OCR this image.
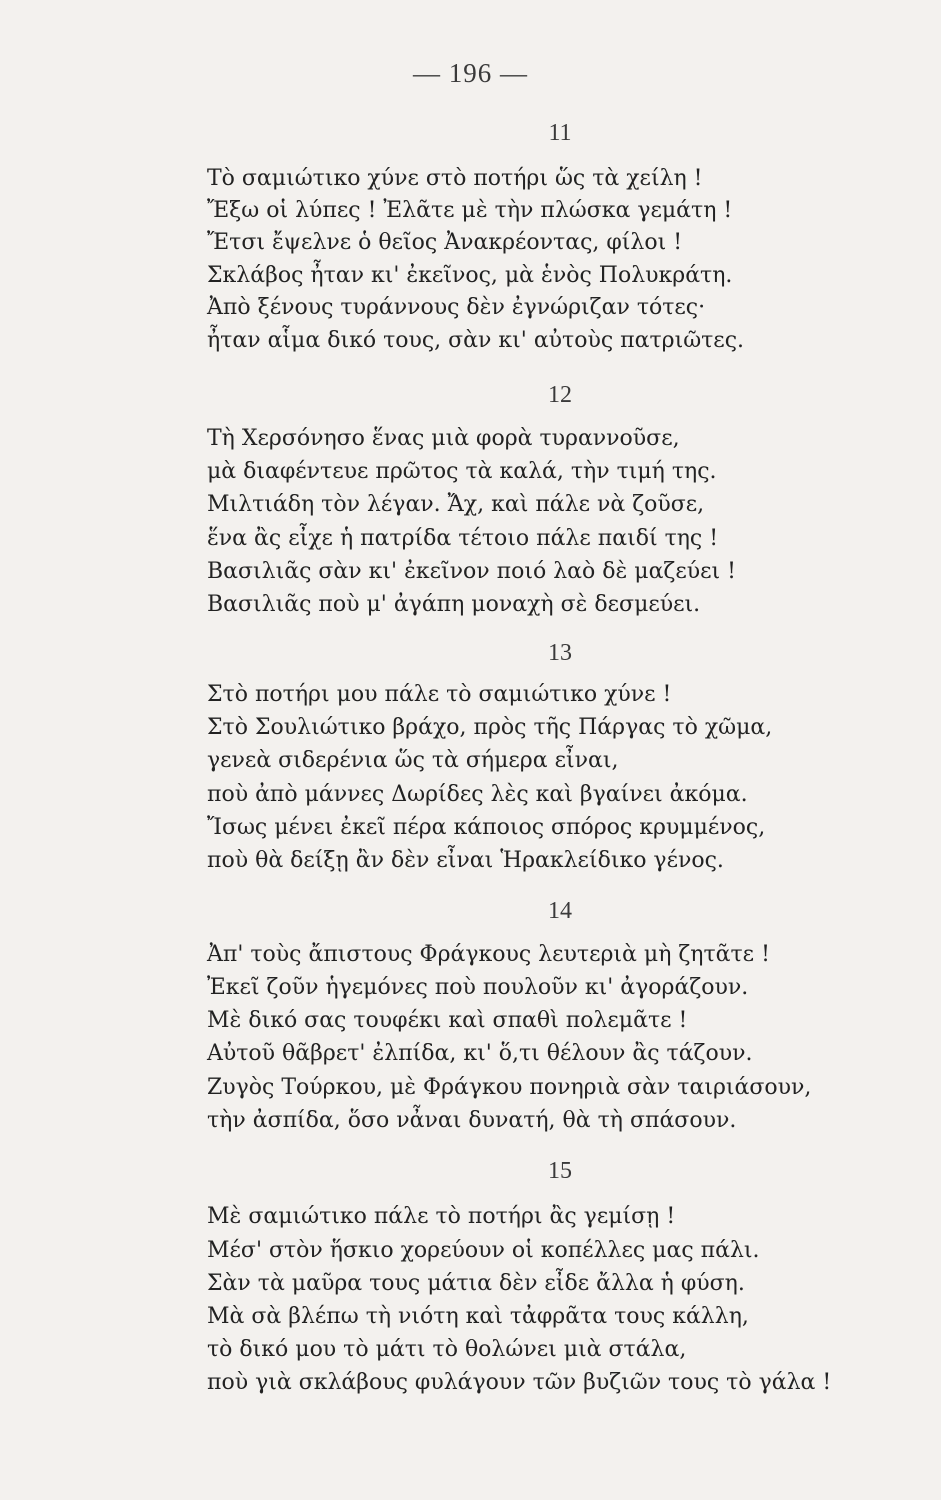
— 196 —
11
Τὸ σαμιώτικο χύνε στὸ ποτήρι ὥς τὰ χείλη !
Ἔξω οἱ λύπες ! Ἐλᾶτε μὲ τὴν πλώσκα γεμάτη !
Ἔτσι ἔψελνε ὁ θεῖος Ἀνακρέοντας, φίλοι !
Σκλάβος ἦταν κι' ἐκεῖνος, μὰ ἑνὸς Πολυκράτη.
Ἀπὸ ξένους τυράννους δὲν ἐγνώριζαν τότες·
ἦταν αἷμα δικό τους, σὰν κι' αὐτοὺς πατριῶτες.
12
Τὴ Χερσόνησο ἕνας μιὰ φορὰ τυραννοῦσε,
μὰ διαφέντευε πρῶτος τὰ καλά, τὴν τιμή της.
Μιλτιάδη τὸν λέγαν. Ἄχ, καὶ πάλε νὰ ζοῦσε,
ἕνα ἂς εἶχε ἡ πατρίδα τέτοιο πάλε παιδί της !
Βασιλιᾶς σὰν κι' ἐκεῖνον ποιό λαὸ δὲ μαζεύει !
Βασιλιᾶς ποὺ μ' ἀγάπη μοναχὴ σὲ δεσμεύει.
13
Στὸ ποτήρι μου πάλε τὸ σαμιώτικο χύνε !
Στὸ Σουλιώτικο βράχο, πρὸς τῆς Πάργας τὸ χῶμα,
γενεὰ σιδερένια ὥς τὰ σήμερα εἶναι,
ποὺ ἀπὸ μάννες Δωρίδες λὲς καὶ βγαίνει ἀκόμα.
Ἴσως μένει ἐκεῖ πέρα κάποιος σπόρος κρυμμένος,
ποὺ θὰ δείξῃ ἂν δὲν εἶναι Ἡρακλείδικο γένος.
14
Ἀπ' τοὺς ἄπιστους Φράγκους λευτεριὰ μὴ ζητᾶτε !
Ἐκεῖ ζοῦν ἡγεμόνες ποὺ πουλοῦν κι' ἀγοράζουν.
Μὲ δικό σας τουφέκι καὶ σπαθὶ πολεμᾶτε !
Αὐτοῦ θᾶβρετ' ἐλπίδα, κι' ὅ,τι θέλουν ἂς τάζουν.
Ζυγὸς Τούρκου, μὲ Φράγκου πονηριὰ σὰν ταιριάσουν,
τὴν ἀσπίδα, ὅσο νἆναι δυνατή, θὰ τὴ σπάσουν.
15
Μὲ σαμιώτικο πάλε τὸ ποτήρι ἂς γεμίσῃ !
Μέσ' στὸν ἥσκιο χορεύουν οἱ κοπέλλες μας πάλι.
Σὰν τὰ μαῦρα τους μάτια δὲν εἶδε ἄλλα ἡ φύση.
Μὰ σὰ βλέπω τὴ νιότη καὶ τἀφρᾶτα τους κάλλη,
τὸ δικό μου τὸ μάτι τὸ θολώνει μιὰ στάλα,
ποὺ γιὰ σκλάβους φυλάγουν τῶν βυζιῶν τους τὸ γάλα !
